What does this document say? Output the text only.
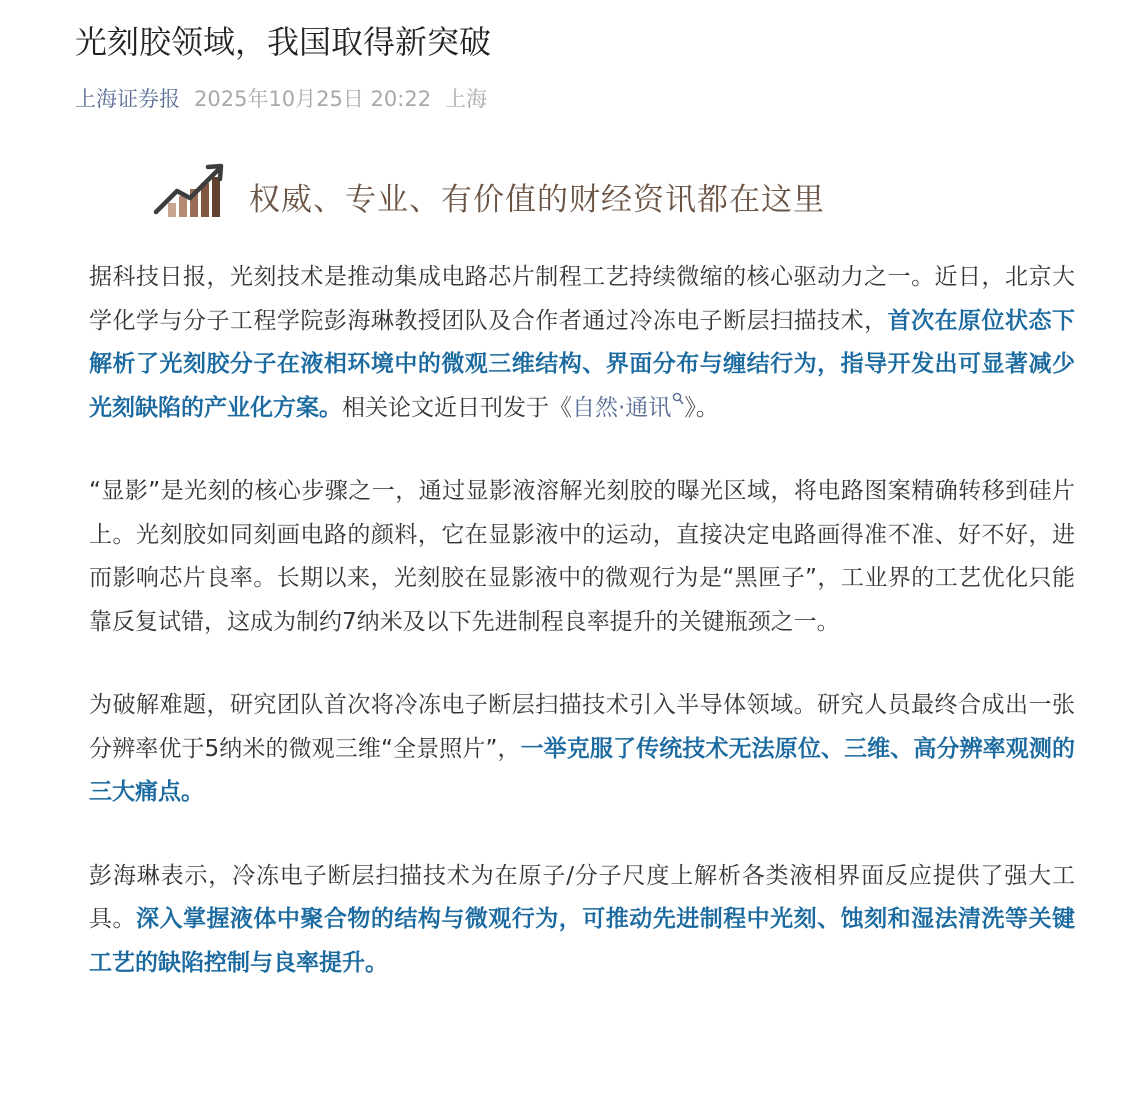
光刻胶领域，我国取得新突破
上海证券报 2025年10月25日 20:22 上海
权威、专业、有价值的财经资讯都在这里

据科技日报，光刻技术是推动集成电路芯片制程工艺持续微缩的核心驱动力之一。近日，北京大学化学与分子工程学院彭海琳教授团队及合作者通过冷冻电子断层扫描技术，首次在原位状态下解析了光刻胶分子在液相环境中的微观三维结构、界面分布与缠结行为，指导开发出可显著减少光刻缺陷的产业化方案。相关论文近日刊发于《自然·通讯 》。

“显影”是光刻的核心步骤之一，通过显影液溶解光刻胶的曝光区域，将电路图案精确转移到硅片上。光刻胶如同刻画电路的颜料，它在显影液中的运动，直接决定电路画得准不准、好不好，进而影响芯片良率。长期以来，光刻胶在显影液中的微观行为是“黑匣子”，工业界的工艺优化只能靠反复试错，这成为制约7纳米及以下先进制程良率提升的关键瓶颈之一。

为破解难题，研究团队首次将冷冻电子断层扫描技术引入半导体领域。研究人员最终合成出一张分辨率优于5纳米的微观三维“全景照片”，一举克服了传统技术无法原位、三维、高分辨率观测的三大痛点。

彭海琳表示，冷冻电子断层扫描技术为在原子/分子尺度上解析各类液相界面反应提供了强大工具。深入掌握液体中聚合物的结构与微观行为，可推动先进制程中光刻、蚀刻和湿法清洗等关键工艺的缺陷控制与良率提升。
